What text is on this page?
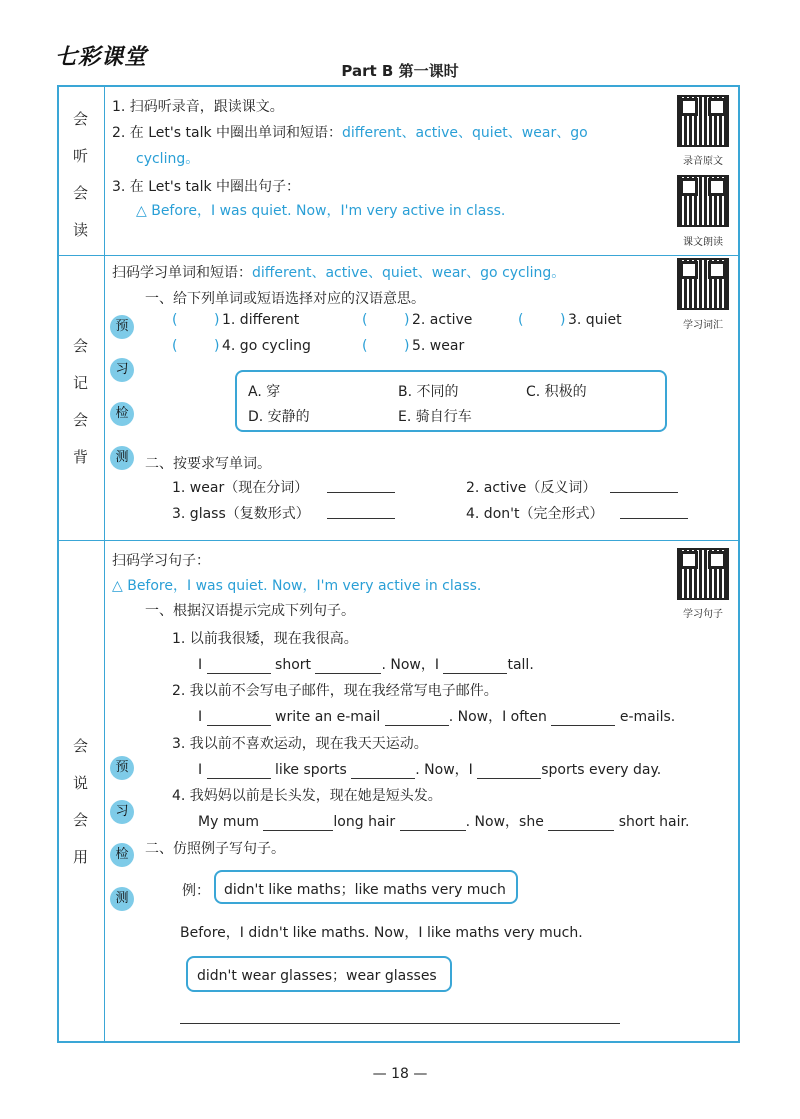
七彩课堂
Part B 第一课时
会
听
会
读
1. 扫码听录音，跟读课文。
2. 在 Let's talk 中圈出单词和短语：different、active、quiet、wear、go
cycling。
3. 在 Let's talk 中圈出句子：
△ Before，I was quiet. Now，I'm very active in class.
录音原文
课文朗读
会
记
会
背
预
习
检
测
扫码学习单词和短语：different、active、quiet、wear、go cycling。
学习词汇
一、给下列单词或短语选择对应的汉语意思。
(	) 1. different	(	) 2. active	(	) 3. quiet
(	) 4. go cycling	(	) 5. wear
A. 穿	B. 不同的	C. 积极的
D. 安静的	E. 骑自行车
二、按要求写单词。
1. wear（现在分词）	2. active（反义词）
3. glass（复数形式）	4. don't（完全形式）
会
说
会
用
预
习
检
测
扫码学习句子：
△ Before，I was quiet. Now，I'm very active in class.
学习句子
一、根据汉语提示完成下列句子。
1. 以前我很矮，现在我很高。
I	short	. Now，I	tall.
2. 我以前不会写电子邮件，现在我经常写电子邮件。
I	write an e-mail	. Now，I often	e-mails.
3. 我以前不喜欢运动，现在我天天运动。
I	like sports	. Now，I	sports every day.
4. 我妈妈以前是长头发，现在她是短头发。
My mum	long hair	. Now，she	short hair.
二、仿照例子写句子。
例： didn't like maths；like maths very much
Before，I didn't like maths. Now，I like maths very much.
didn't wear glasses；wear glasses
— 18 —
